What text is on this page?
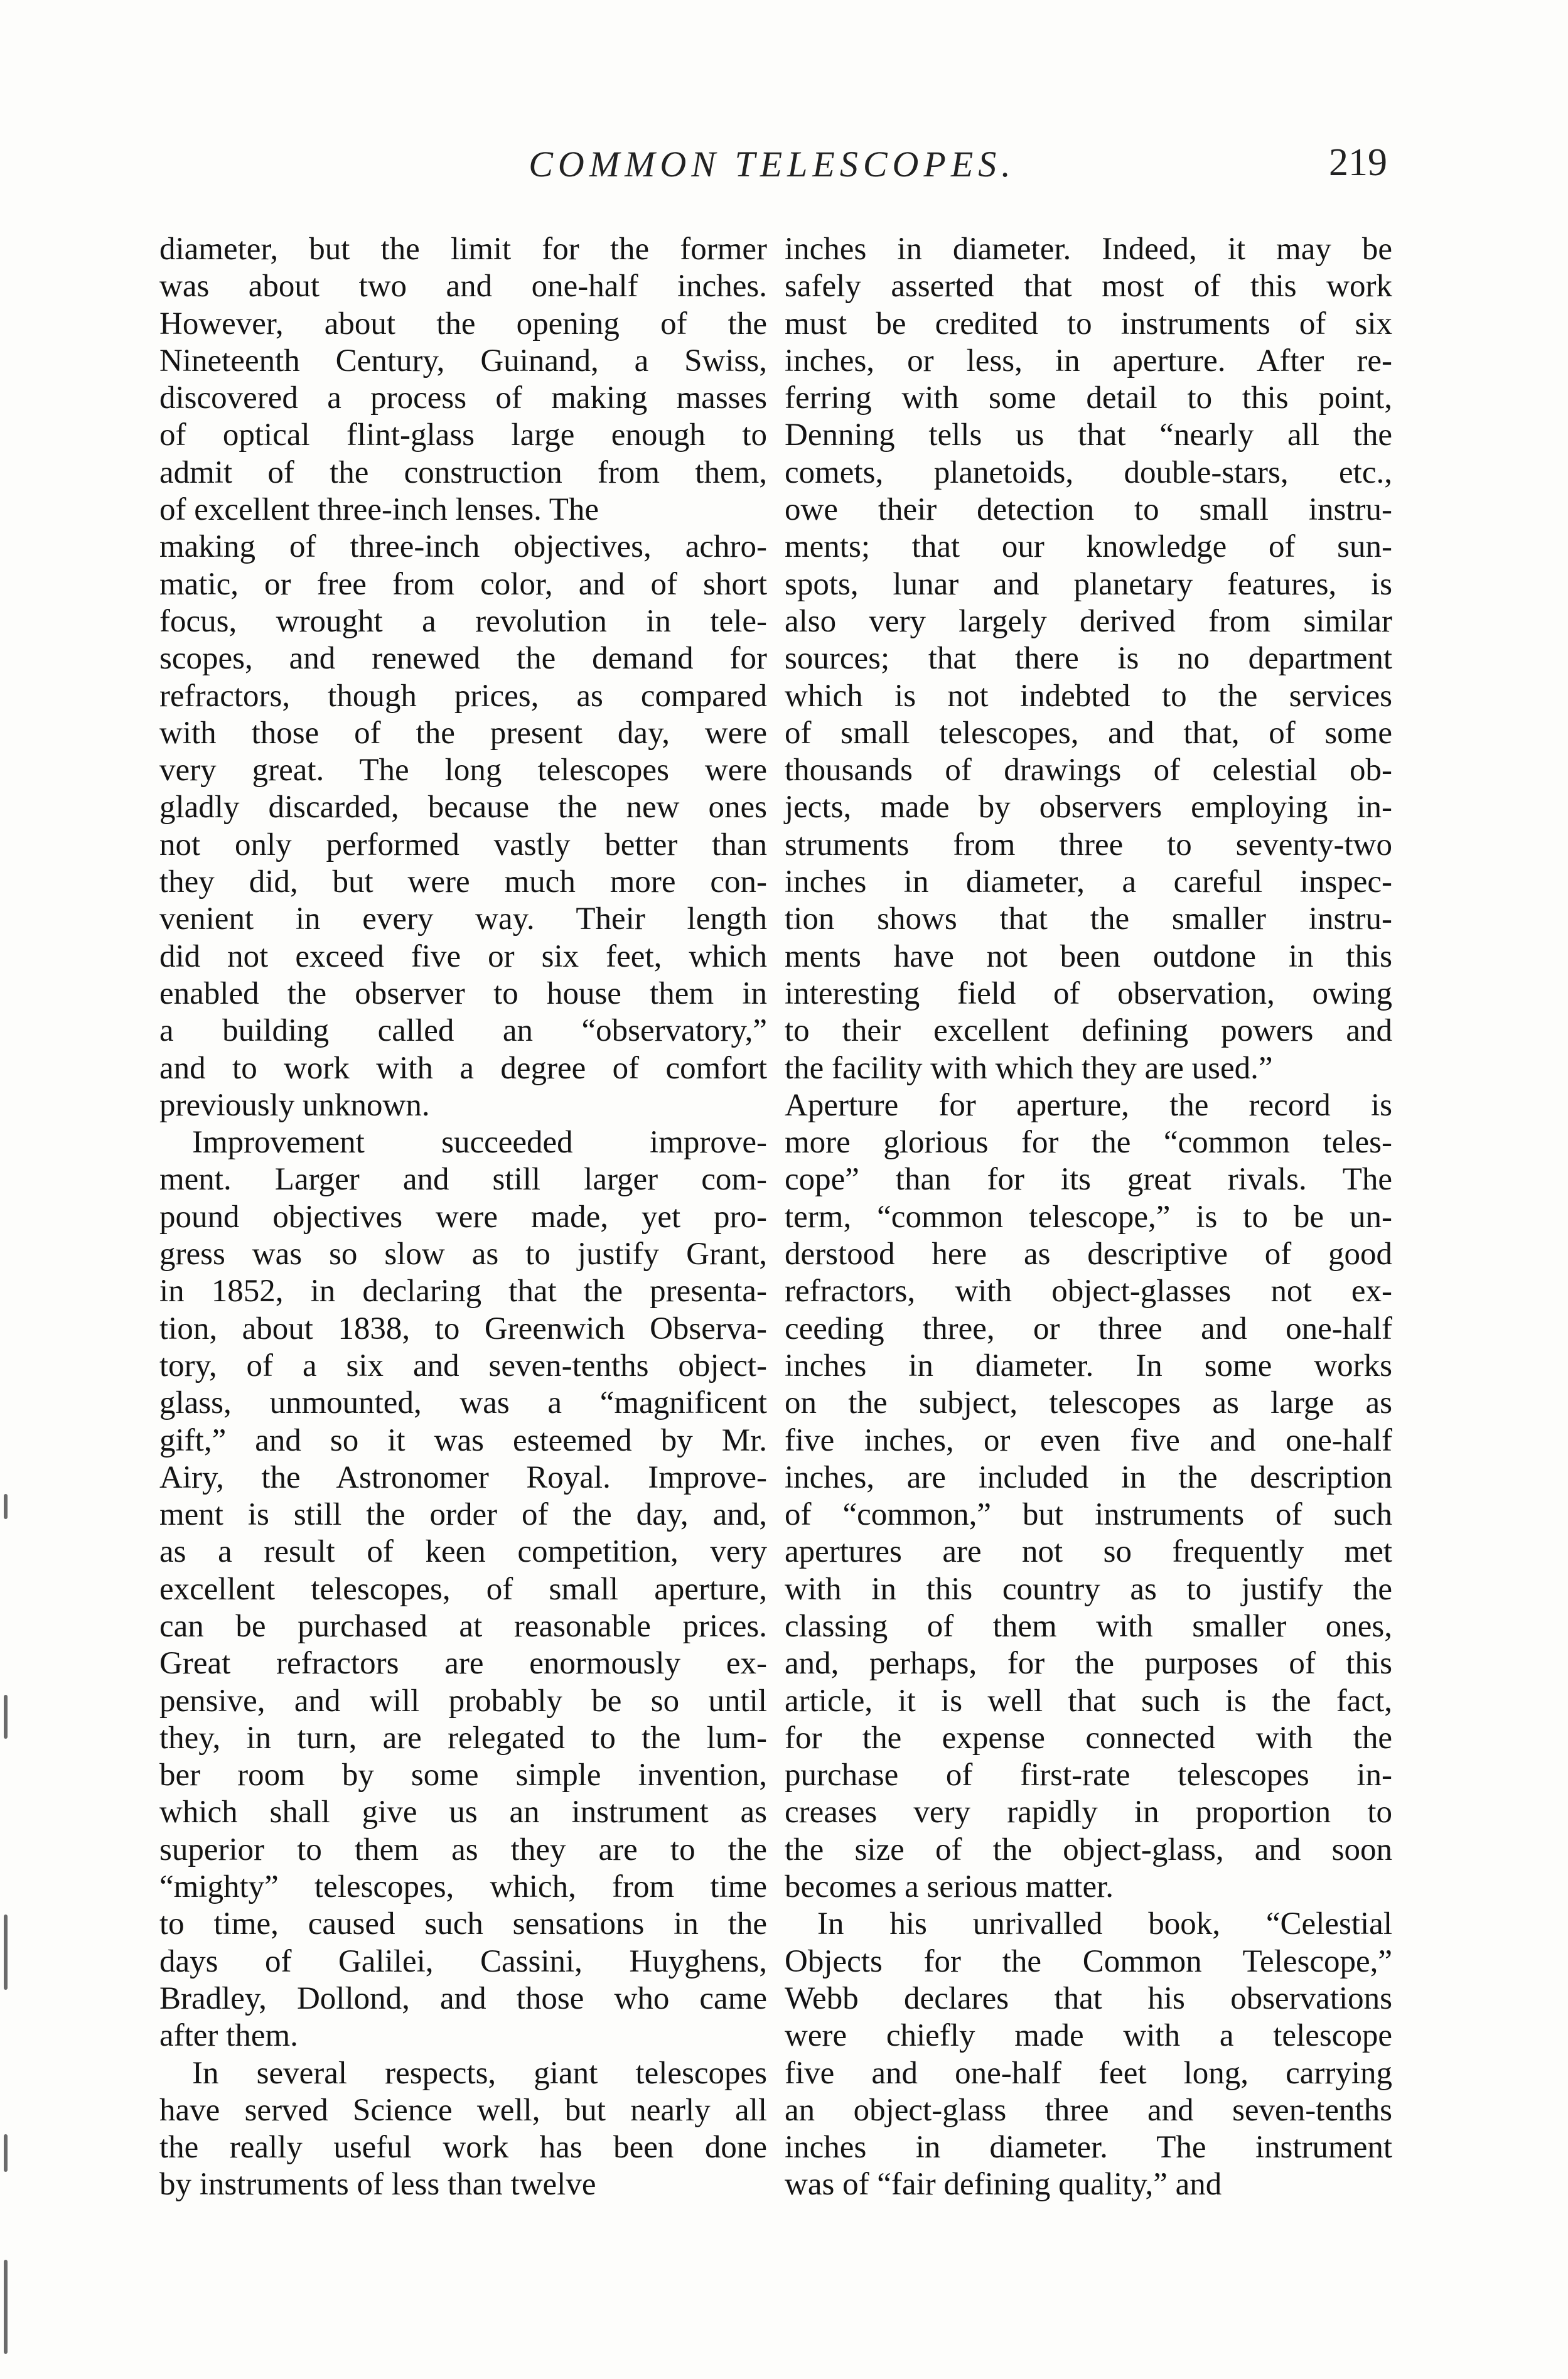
COMMON TELESCOPES.	219
diameter, but the limit for the former
was about two and one-half inches.
However, about the opening of the
Nineteenth Century, Guinand, a Swiss,
discovered a process of making masses
of optical flint-glass large enough to
admit of the construction from them,
of excellent three-inch lenses. The
making of three-inch objectives, achro-
matic, or free from color, and of short
focus, wrought a revolution in tele-
scopes, and renewed the demand for
refractors, though prices, as compared
with those of the present day, were
very great. The long telescopes were
gladly discarded, because the new ones
not only performed vastly better than
they did, but were much more con-
venient in every way. Their length
did not exceed five or six feet, which
enabled the observer to house them in
a building called an “observatory,”
and to work with a degree of comfort
previously unknown.
Improvement succeeded improve-
ment. Larger and still larger com-
pound objectives were made, yet pro-
gress was so slow as to justify Grant,
in 1852, in declaring that the presenta-
tion, about 1838, to Greenwich Observa-
tory, of a six and seven-tenths object-
glass, unmounted, was a “magnificent
gift,” and so it was esteemed by Mr.
Airy, the Astronomer Royal. Improve-
ment is still the order of the day, and,
as a result of keen competition, very
excellent telescopes, of small aperture,
can be purchased at reasonable prices.
Great refractors are enormously ex-
pensive, and will probably be so until
they, in turn, are relegated to the lum-
ber room by some simple invention,
which shall give us an instrument as
superior to them as they are to the
“mighty” telescopes, which, from time
to time, caused such sensations in the
days of Galilei, Cassini, Huyghens,
Bradley, Dollond, and those who came
after them.
In several respects, giant telescopes
have served Science well, but nearly all
the really useful work has been done
by instruments of less than twelve
inches in diameter. Indeed, it may be
safely asserted that most of this work
must be credited to instruments of six
inches, or less, in aperture. After re-
ferring with some detail to this point,
Denning tells us that “nearly all the
comets, planetoids, double-stars, etc.,
owe their detection to small instru-
ments; that our knowledge of sun-
spots, lunar and planetary features, is
also very largely derived from similar
sources; that there is no department
which is not indebted to the services
of small telescopes, and that, of some
thousands of drawings of celestial ob-
jects, made by observers employing in-
struments from three to seventy-two
inches in diameter, a careful inspec-
tion shows that the smaller instru-
ments have not been outdone in this
interesting field of observation, owing
to their excellent defining powers and
the facility with which they are used.”
Aperture for aperture, the record is
more glorious for the “common teles-
cope” than for its great rivals. The
term, “common telescope,” is to be un-
derstood here as descriptive of good
refractors, with object-glasses not ex-
ceeding three, or three and one-half
inches in diameter. In some works
on the subject, telescopes as large as
five inches, or even five and one-half
inches, are included in the description
of “common,” but instruments of such
apertures are not so frequently met
with in this country as to justify the
classing of them with smaller ones,
and, perhaps, for the purposes of this
article, it is well that such is the fact,
for the expense connected with the
purchase of first-rate telescopes in-
creases very rapidly in proportion to
the size of the object-glass, and soon
becomes a serious matter.
In his unrivalled book, “Celestial
Objects for the Common Telescope,”
Webb declares that his observations
were chiefly made with a telescope
five and one-half feet long, carrying
an object-glass three and seven-tenths
inches in diameter. The instrument
was of “fair defining quality,” and
